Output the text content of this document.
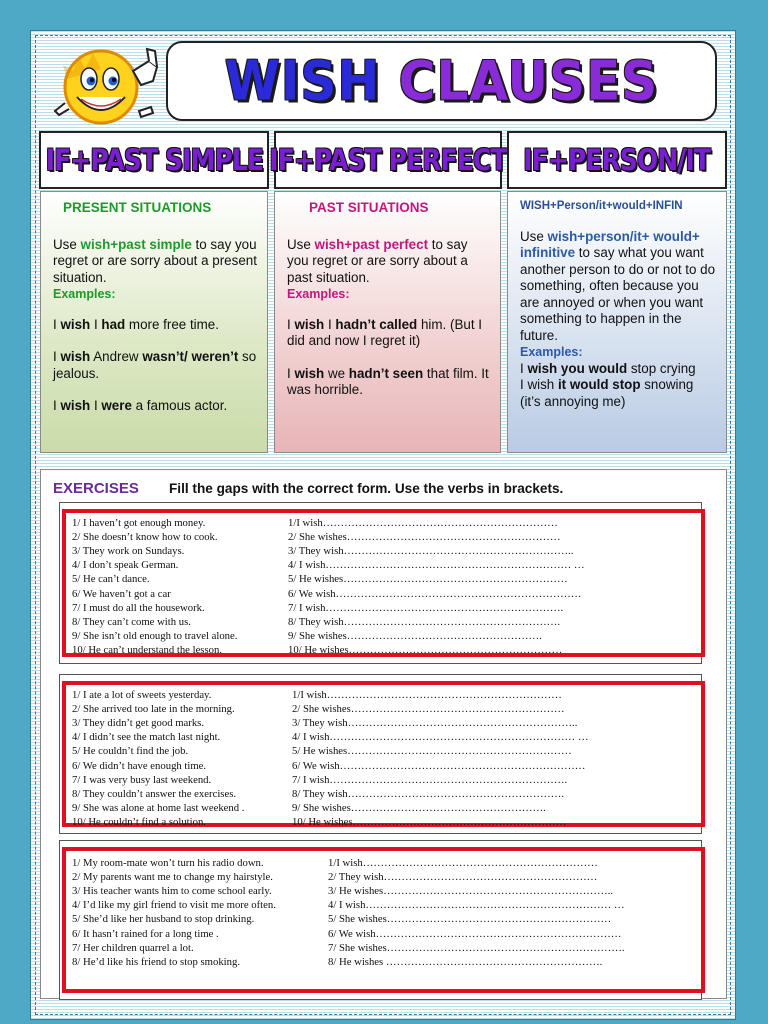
WISH CLAUSES
IF+PAST SIMPLE IF+PAST PERFECT IF+PERSON/IT
PRESENT SITUATIONS

Use wish+past simple to say you regret or are sorry about a present situation.

Examples:

I wish I had more free time.

I wish Andrew wasn’t/ weren’t so jealous.

I wish I were a famous actor.

PAST SITUATIONS

Use wish+past perfect to say you regret or are sorry about a past situation.

Examples:

I wish I hadn’t called him. (But I did and now I regret it)

I wish we hadn’t seen that film. It was horrible.

WISH+Person/it+would+INFIN

Use wish+person/it+ would+ infinitive to say what you want another person to do or not to do something, often because you are annoyed or when you want something to happen in the future.

Examples:

I wish you would stop crying

I wish it would stop snowing (it’s annoying me)

EXERCISES Fill the gaps with the correct form. Use the verbs in brackets.
1/ I haven’t got enough money.	1/I wish…………………………………………………………
2/ She doesn’t know how to cook.	2/ She wishes……………………………………………………
3/ They work on Sundays.	3/ They wish………………………………………………………..
4/ I don’t speak German.	4/ I wish…………………………………………………………… …
5/ He can’t dance.	5/ He wishes………………………………………………………
6/ We haven’t got a car	6/ We wish……………………………………………………………
7/ I must do all the housework.	7/ I wish………………………………………………………….
8/ They can’t come with us.	8/ They wish…………………………………………………….
9/ She isn’t old enough to travel alone.	9/ She wishes……………………………………………….
10/ He can’t understand the lesson.	10/ He wishes……………………………………………………
1/ I ate a lot of sweets yesterday.	1/I wish…………………………………………………………
2/ She arrived too late in the morning.	2/ She wishes……………………………………………………
3/ They didn’t get good marks.	3/ They wish………………………………………………………..
4/ I didn’t see the match last night.	4/ I wish…………………………………………………………… …
5/ He couldn’t find the job.	5/ He wishes………………………………………………………
6/ We didn’t have enough time.	6/ We wish……………………………………………………………
7/ I was very busy last weekend.	7/ I wish………………………………………………………….
8/ They couldn’t answer the exercises.	8/ They wish…………………………………………………….
9/ She was alone at home last weekend .	9/ She wishes……………………………………………….
10/ He couldn’t find a solution.	10/ He wishes……………………………………………………
1/ My room-mate won’t turn his radio down.	1/I wish…………………………………………………………
2/ My parents want me to change my hairstyle.	2/ They wish……………………………………………………
3/ His teacher wants him to come school early.	3/ He wishes………………………………………………………..
4/ I’d like my girl friend to visit me more often.	4/ I wish…………………………………………………………… …
5/ She’d like her husband to stop drinking.	5/ She wishes………………………………………………………
6/ It hasn’t rained for a long time .	6/ We wish……………………………………………………………
7/ Her children quarrel a lot.	7/ She wishes………………………………………………………….
8/ He’d like his friend to stop smoking.	8/ He wishes …………………………………………………….
